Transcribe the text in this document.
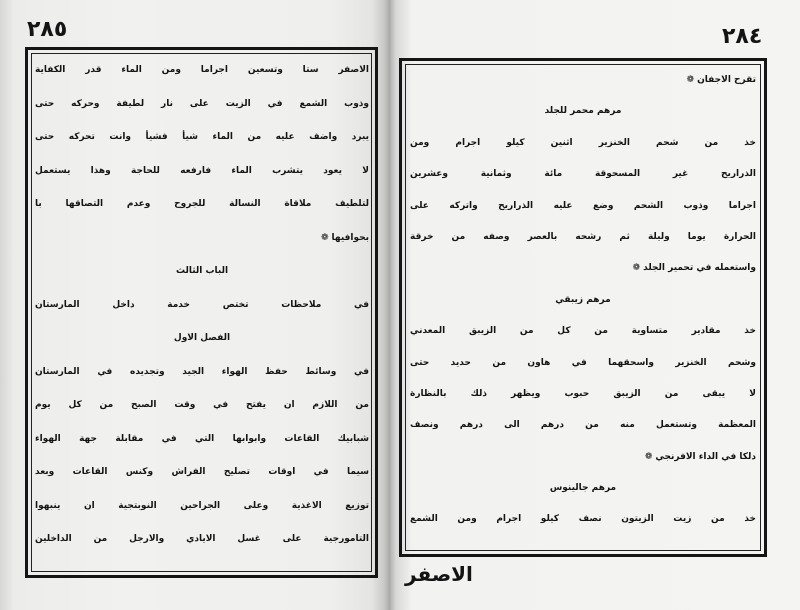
٢٨٥	٢٨٤
الاصفر ستا وتسعين اجراما ومن الماء قدر الكفاية
وذوب الشمع في الزيت على نار لطيفة وحركه حتى
يبرد واضف عليه من الماء شيأ فشيأ وانت تحركه حتى
لا يعود يتشرب الماء فارفعه للحاجة وهذا يستعمل
لتلطيف ملاقاة النسالة للجروح وعدم التصاقها با
بحوافيها ❁
الباب الثالث
في ملاحظات تختص خدمة داخل المارستان
الفصل الاول
في وسائط حفظ الهواء الجيد وتجديده في المارستان
من اللازم ان يفتح في وقت الصبح من كل يوم
شبابيك القاعات وابوابها التي في مقابلة جهة الهواء
سيما في اوقات تصليح الفراش وكنس القاعات وبعد
توزيع الاغذية وعلى الجراحين النوبتجية ان ينبهوا
التامورجية على غسل الايادي والارجل من الداخلين
تقرح الاجفان ❁
مرهم محمر للجلد
خذ من شحم الخنزير اثنين كيلو اجرام ومن
الذراريح غير المسحوقة مائة وثمانية وعشرين
اجراما وذوب الشحم وضع عليه الذراريح واتركه على
الحرارة يوما وليلة ثم رشحه بالعصر وصفه من خرقة
واستعمله في تحمير الجلد ❁
مرهم زيبقي
خذ مقادير متساوية من كل من الزيبق المعدني
وشحم الخنزير واسحقهما في هاون من حديد حتى
لا يبقى من الزيبق حبوب ويظهر ذلك بالنظارة
المعظمة وتستعمل منه من درهم الى درهم ونصف
دلكا في الداء الافرنجي ❁
مرهم جالينوس
خذ من زيت الزيتون نصف كيلو اجرام ومن الشمع
الاصفر
